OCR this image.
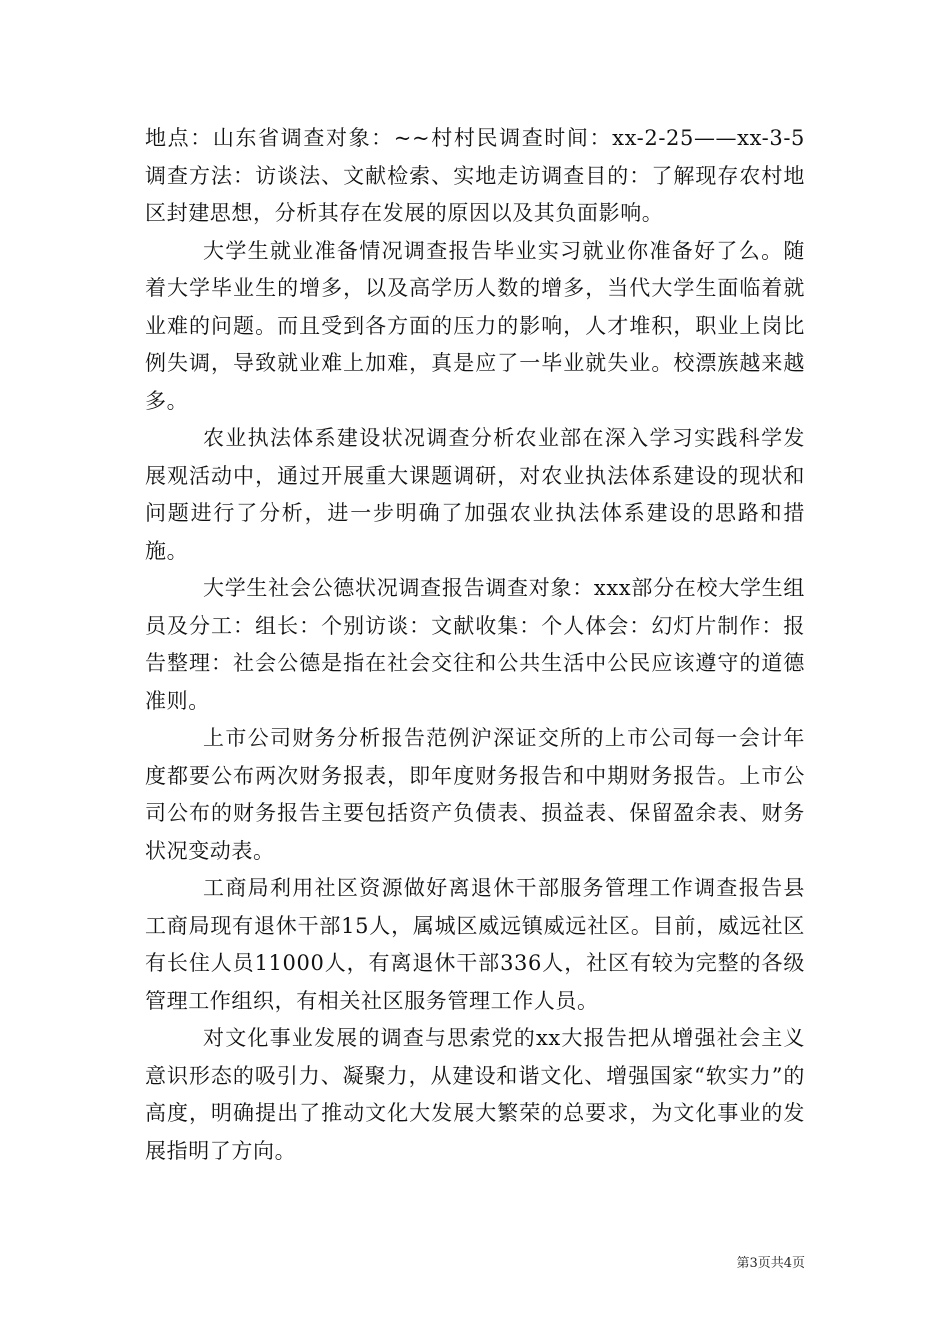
地点：山东省调查对象：~~村村民调查时间：xx-2-25——xx-3-5调查方法：访谈法、文献检索、实地走访调查目的：了解现存农村地区封建思想，分析其存在发展的原因以及其负面影响。

大学生就业准备情况调查报告毕业实习就业你准备好了么。随着大学毕业生的增多，以及高学历人数的增多，当代大学生面临着就业难的问题。而且受到各方面的压力的影响，人才堆积，职业上岗比例失调，导致就业难上加难，真是应了一毕业就失业。校漂族越来越多。

农业执法体系建设状况调查分析农业部在深入学习实践科学发展观活动中，通过开展重大课题调研，对农业执法体系建设的现状和问题进行了分析，进一步明确了加强农业执法体系建设的思路和措施。

大学生社会公德状况调查报告调查对象：xxx部分在校大学生组员及分工：组长：个别访谈：文献收集：个人体会：幻灯片制作：报告整理：社会公德是指在社会交往和公共生活中公民应该遵守的道德准则。

上市公司财务分析报告范例沪深证交所的上市公司每一会计年度都要公布两次财务报表，即年度财务报告和中期财务报告。上市公司公布的财务报告主要包括资产负债表、损益表、保留盈余表、财务状况变动表。

工商局利用社区资源做好离退休干部服务管理工作调查报告县工商局现有退休干部15人，属城区威远镇威远社区。目前，威远社区有长住人员11000人，有离退休干部336人，社区有较为完整的各级管理工作组织，有相关社区服务管理工作人员。

对文化事业发展的调查与思索党的xx大报告把从增强社会主义意识形态的吸引力、凝聚力，从建设和谐文化、增强国家“软实力”的高度，明确提出了推动文化大发展大繁荣的总要求，为文化事业的发展指明了方向。

第3页共4页
